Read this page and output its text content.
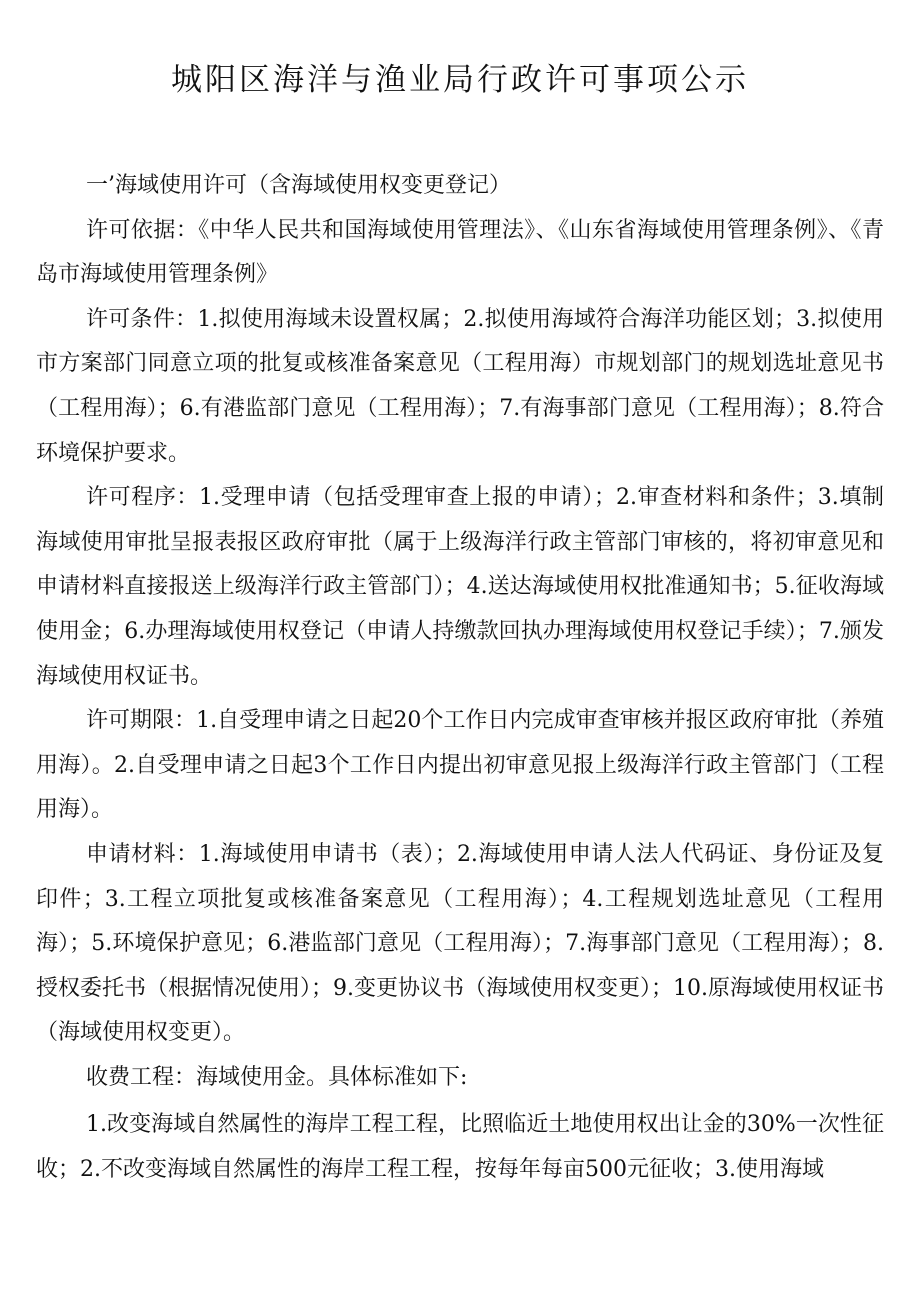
城阳区海洋与渔业局行政许可事项公示

一’海域使用许可（含海域使用权变更登记）

许可依据：《中华人民共和国海域使用管理法》、《山东省海域使用管理条例》、《青岛市海域使用管理条例》

许可条件：1.拟使用海域未设置权属；2.拟使用海域符合海洋功能区划；3.拟使用市方案部门同意立项的批复或核准备案意见（工程用海）市规划部门的规划选址意见书（工程用海）；6.有港监部门意见（工程用海）；7.有海事部门意见（工程用海）；8.符合环境保护要求。

许可程序：1.受理申请（包括受理审查上报的申请）；2.审查材料和条件；3.填制海域使用审批呈报表报区政府审批（属于上级海洋行政主管部门审核的，将初审意见和申请材料直接报送上级海洋行政主管部门）；4.送达海域使用权批准通知书；5.征收海域使用金；6.办理海域使用权登记（申请人持缴款回执办理海域使用权登记手续）；7.颁发海域使用权证书。

许可期限：1.自受理申请之日起20个工作日内完成审查审核并报区政府审批（养殖用海）。2.自受理申请之日起3个工作日内提出初审意见报上级海洋行政主管部门（工程用海）。

申请材料：1.海域使用申请书（表）；2.海域使用申请人法人代码证、身份证及复印件；3.工程立项批复或核准备案意见（工程用海）；4.工程规划选址意见（工程用海）；5.环境保护意见；6.港监部门意见（工程用海）；7.海事部门意见（工程用海）；8.授权委托书（根据情况使用）；9.变更协议书（海域使用权变更）；10.原海域使用权证书（海域使用权变更）。

收费工程：海域使用金。具体标准如下:

1.改变海域自然属性的海岸工程工程，比照临近土地使用权出让金的30%一次性征收；2.不改变海域自然属性的海岸工程工程，按每年每亩500元征收；3.使用海域
